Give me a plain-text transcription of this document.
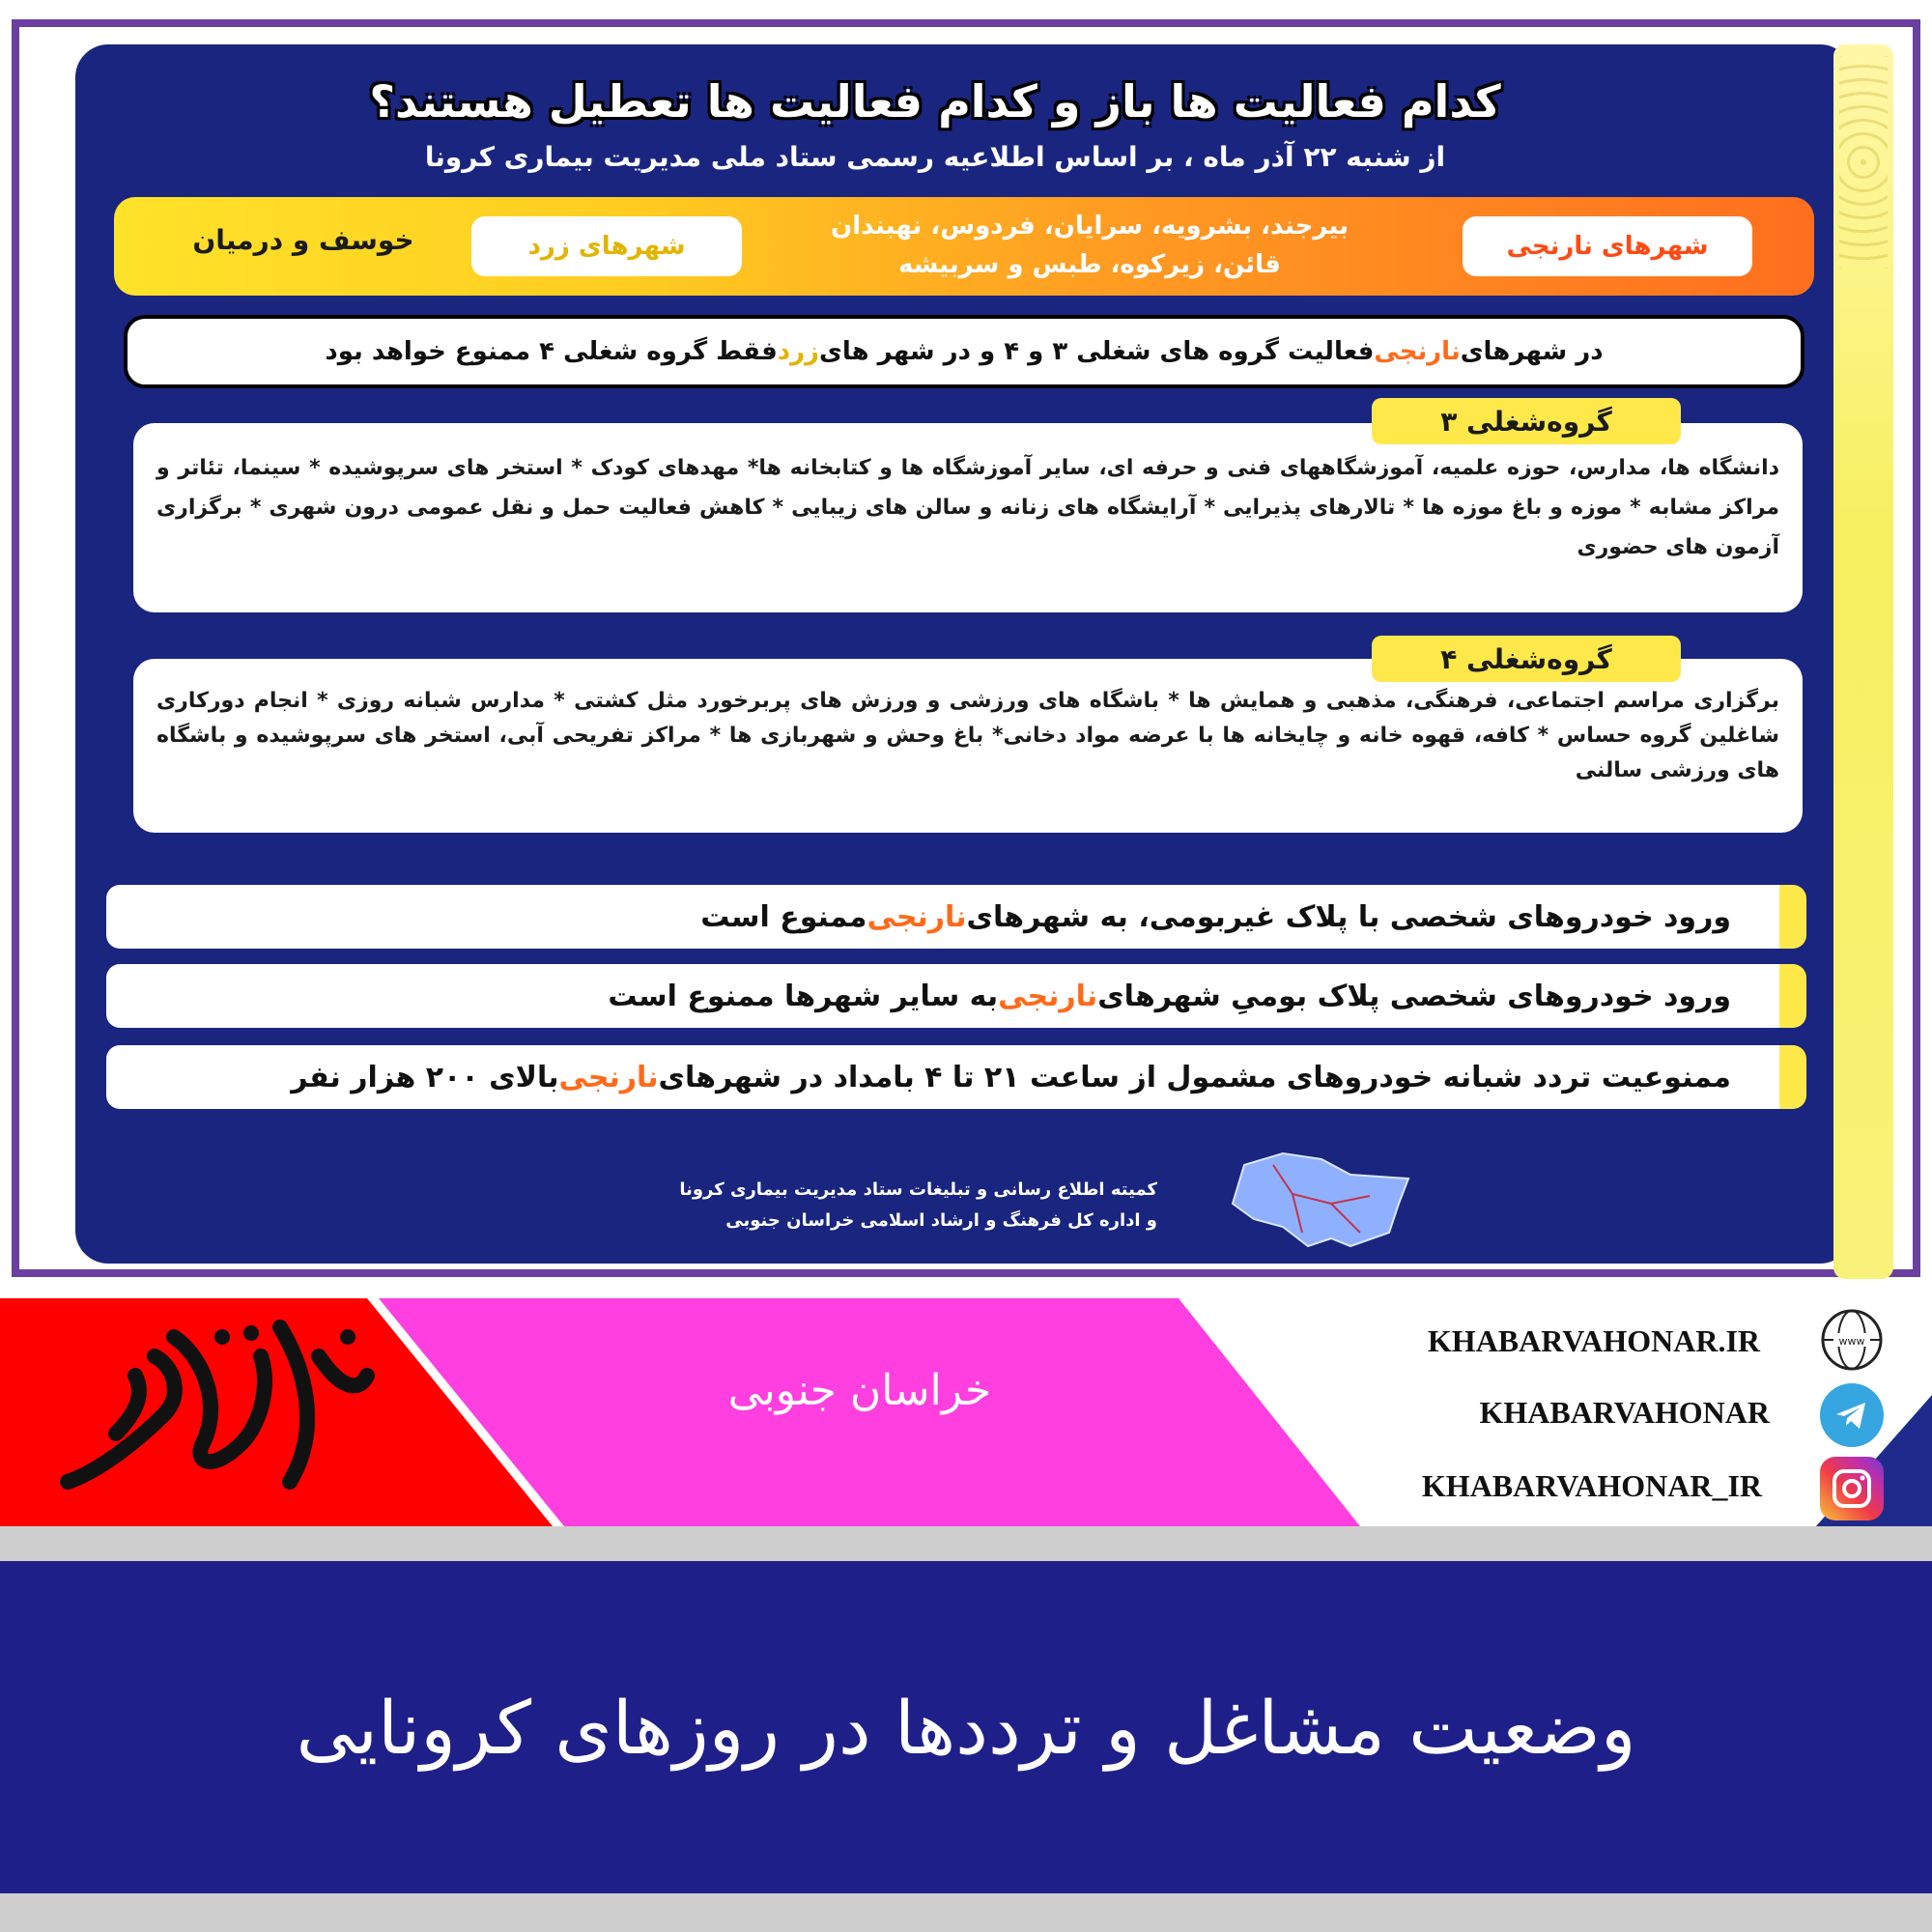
کدام فعالیت ها باز و کدام فعالیت ها تعطیل هستند؟
از شنبه ۲۲ آذر ماه ، بر اساس اطلاعیه رسمی ستاد ملی مدیریت بیماری کرونا
شهرهای نارنجی
بیرجند، بشرویه، سرایان، فردوس، نهبندان
قائن، زیرکوه، طبس و سربیشه
شهرهای زرد
خوسف و درمیان
در شهرهای
نارنجی
فعالیت گروه های شغلی ۳ و ۴ و در شهر های
زرد
فقط گروه شغلی ۴ ممنوع خواهد بود

دانشگاه ها، مدارس، حوزه علمیه، آموزشگاههای فنی و حرفه ای، سایر آموزشگاه ها و کتابخانه ها* مهدهای کودک * استخر های سرپوشیده * سینما، تئاتر و مراکز مشابه * موزه و باغ موزه ها * تالارهای پذیرایی * آرایشگاه های زنانه و سالن های زیبایی * کاهش فعالیت حمل و نقل عمومی درون شهری * برگزاری آزمون های حضوری

گروه‌شغلی ۳

برگزاری مراسم اجتماعی، فرهنگی، مذهبی و همایش ها * باشگاه های ورزشی و ورزش های پربرخورد مثل کشتی * مدارس شبانه روزی * انجام دورکاری شاغلین گروه حساس * کافه، قهوه خانه و چایخانه ها با عرضه مواد دخانی* باغ وحش و شهربازی ها * مراکز تفریحی آبی، استخر های سرپوشیده و باشگاه های ورزشی سالنی

گروه‌شغلی ۴
ورود خودروهای شخصی با پلاک غیربومی، به شهرهای
نارنجی
ممنوع است
ورود خودروهای شخصی پلاک بومیِ شهرهای
نارنجی
به سایر شهرها ممنوع است
ممنوعیت تردد شبانه خودروهای مشمول از ساعت ۲۱ تا ۴ بامداد در شهرهای
نارنجی
بالای ۲۰۰ هزار نفر
کمیته اطلاع رسانی و تبلیغات ستاد مدیریت بیماری کرونا
و اداره کل فرهنگ و ارشاد اسلامی خراسان جنوبی
خراسان جنوبی
KHABARVAHONAR.IR
KHABARVAHONAR
KHABARVAHONAR_IR
www
وضعیت مشاغل و ترددها در روزهای کرونایی
